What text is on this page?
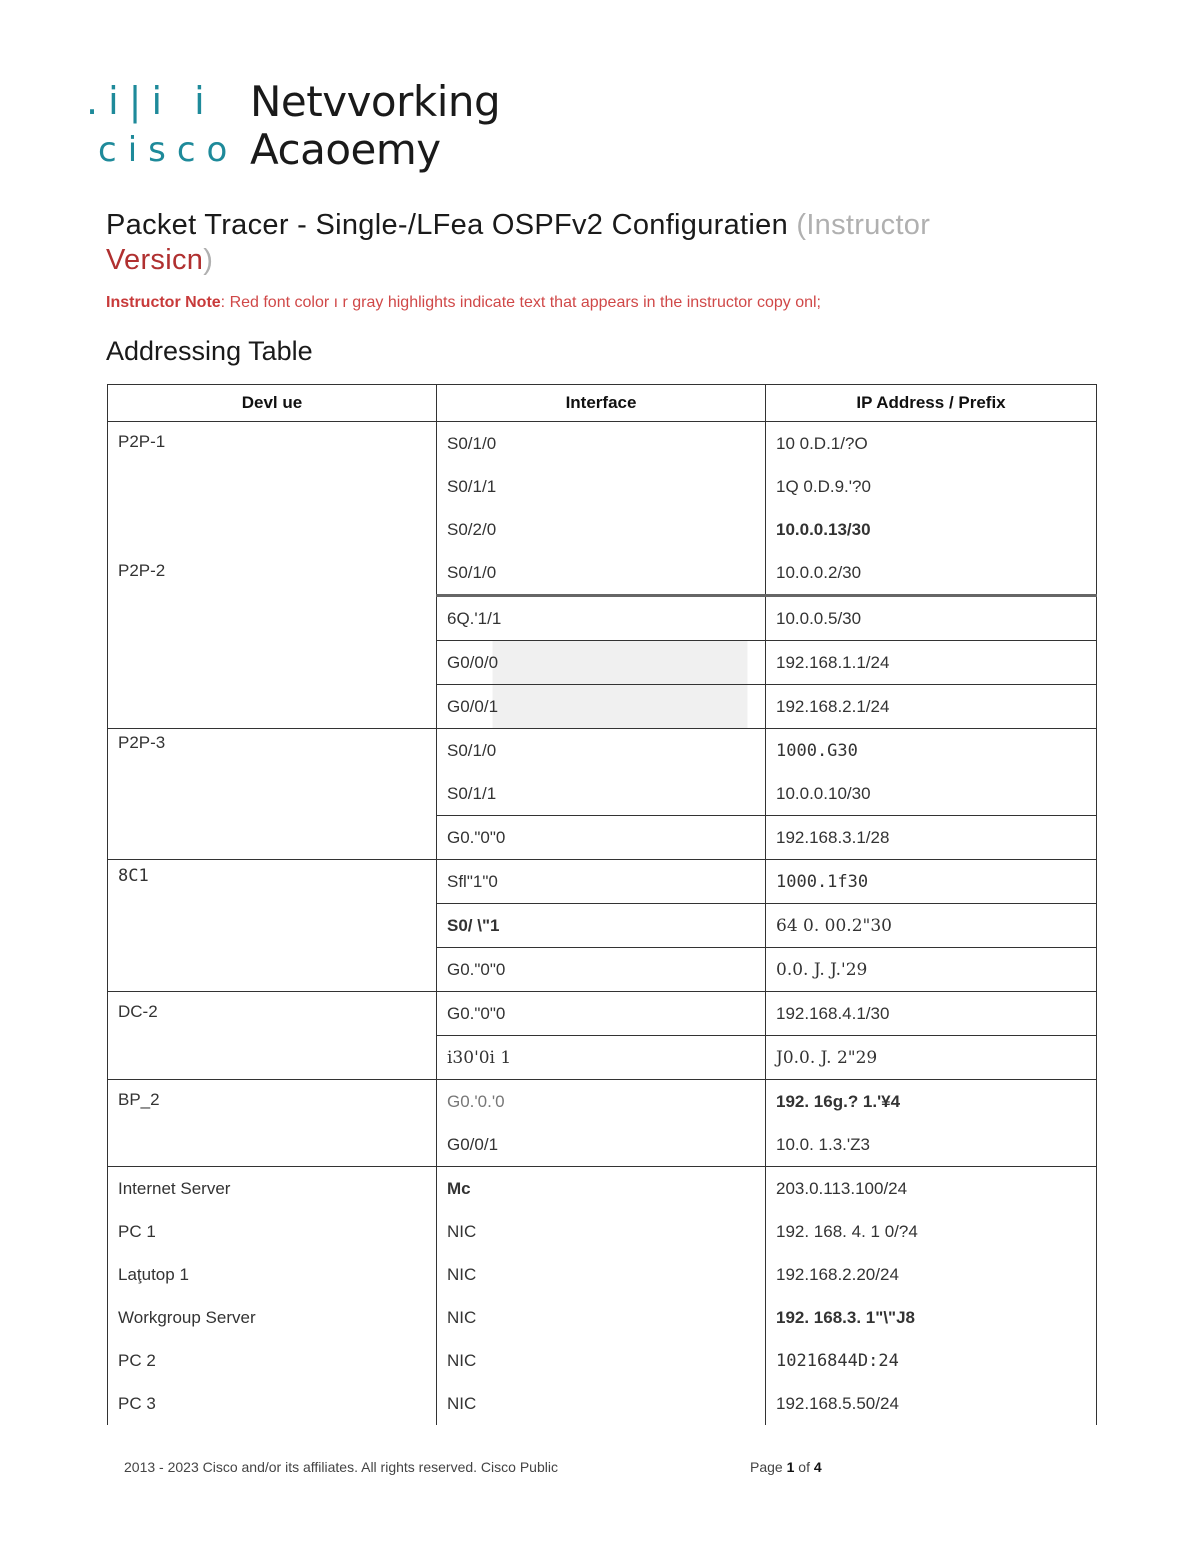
.i|i i
cisco
Netvvorking
Acaoemy
Packet Tracer - Single-/LFea OSPFv2 Configuratien (Instructor
Versicn)
Instructor Note: Red font color ı r gray highlights indicate text that appears in the instructor copy onl;
Addressing Table
Devl ue	Interface	IP Address / Prefix
P2P-1	S0/1/0	10 0.D.1/?O
	S0/1/1	1Q 0.D.9.'?0
	S0/2/0	10.0.0.13/30
P2P-2	S0/1/0	10.0.0.2/30
	6Q.'1/1	10.0.0.5/30
	G0/0/0	192.168.1.1/24
	G0/0/1	192.168.2.1/24
P2P-3	S0/1/0	1000.G30
	S0/1/1	10.0.0.10/30
	G0."0"0	192.168.3.1/28
8C1	Sfl"1"0	1000.1f30
	S0/ \"1	64 0. 00.2"30
	G0."0"0	0.0. J. J.'29
DC-2	G0."0"0	192.168.4.1/30
	i30'0i 1	J0.0. J. 2"29
BP_2	G0.'0.'0	192. 16g.? 1.'¥4
	G0/0/1	10.0. 1.3.'Z3
Internet Server	Mc	203.0.113.100/24
PC 1	NIC	192. 168. 4. 1 0/?4
Laţutop 1	NIC	192.168.2.20/24
Workgroup Server	NIC	192. 168.3. 1"\"J8
PC 2	NIC	10216844D:24
PC 3	NIC	192.168.5.50/24
2013 - 2023 Cisco and/or its affiliates. All rights reserved. Cisco Public	Page 1 of 4
